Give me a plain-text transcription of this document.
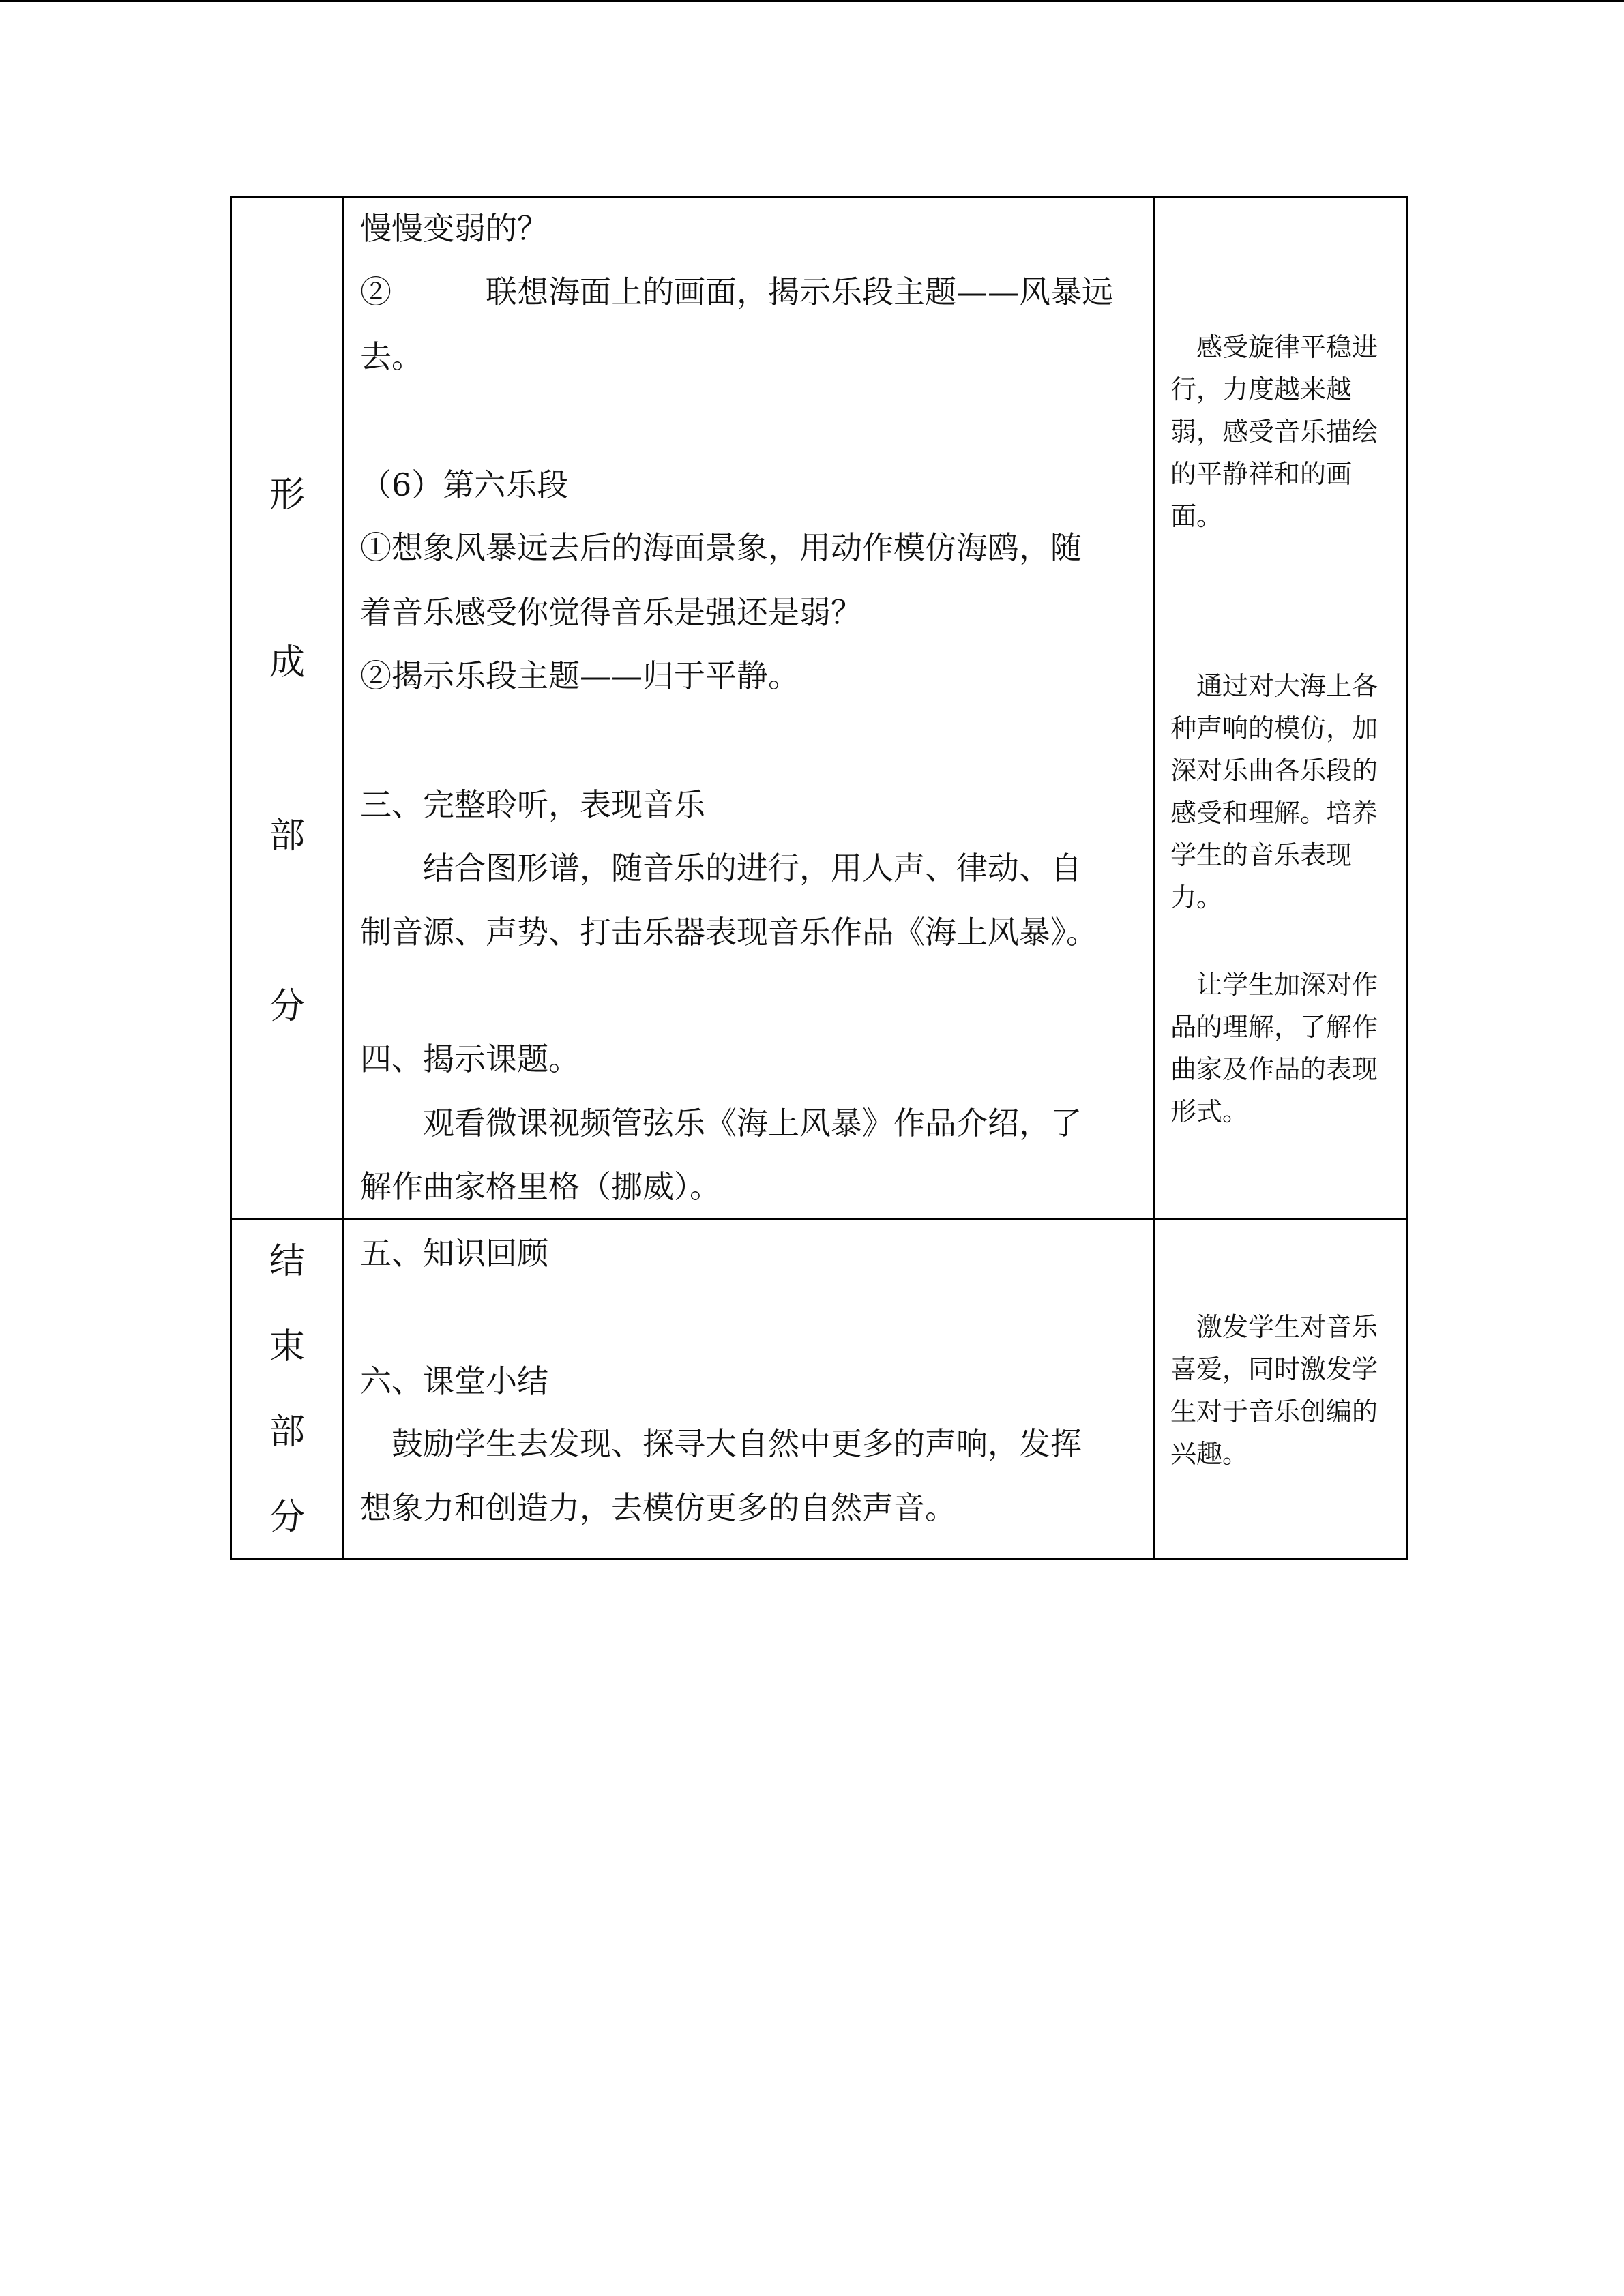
形
成
部
分
结
束
部
分
慢慢变弱的？
②　　　联想海面上的画面，揭示乐段主题——风暴远
去。
（6）第六乐段
①想象风暴远去后的海面景象，用动作模仿海鸥，随
着音乐感受你觉得音乐是强还是弱？
②揭示乐段主题——归于平静。
三、完整聆听，表现音乐
　　结合图形谱，随音乐的进行，用人声、律动、自
制音源、声势、打击乐器表现音乐作品《海上风暴》。
四、揭示课题。
　　观看微课视频管弦乐《海上风暴》作品介绍，了
解作曲家格里格（挪威）。
　感受旋律平稳进
行，力度越来越
弱，感受音乐描绘
的平静祥和的画
面。
　通过对大海上各
种声响的模仿，加
深对乐曲各乐段的
感受和理解。培养
学生的音乐表现
力。
　让学生加深对作
品的理解，了解作
曲家及作品的表现
形式。
五、知识回顾
六、课堂小结
　鼓励学生去发现、探寻大自然中更多的声响，发挥
想象力和创造力，去模仿更多的自然声音。
　激发学生对音乐
喜爱，同时激发学
生对于音乐创编的
兴趣。
